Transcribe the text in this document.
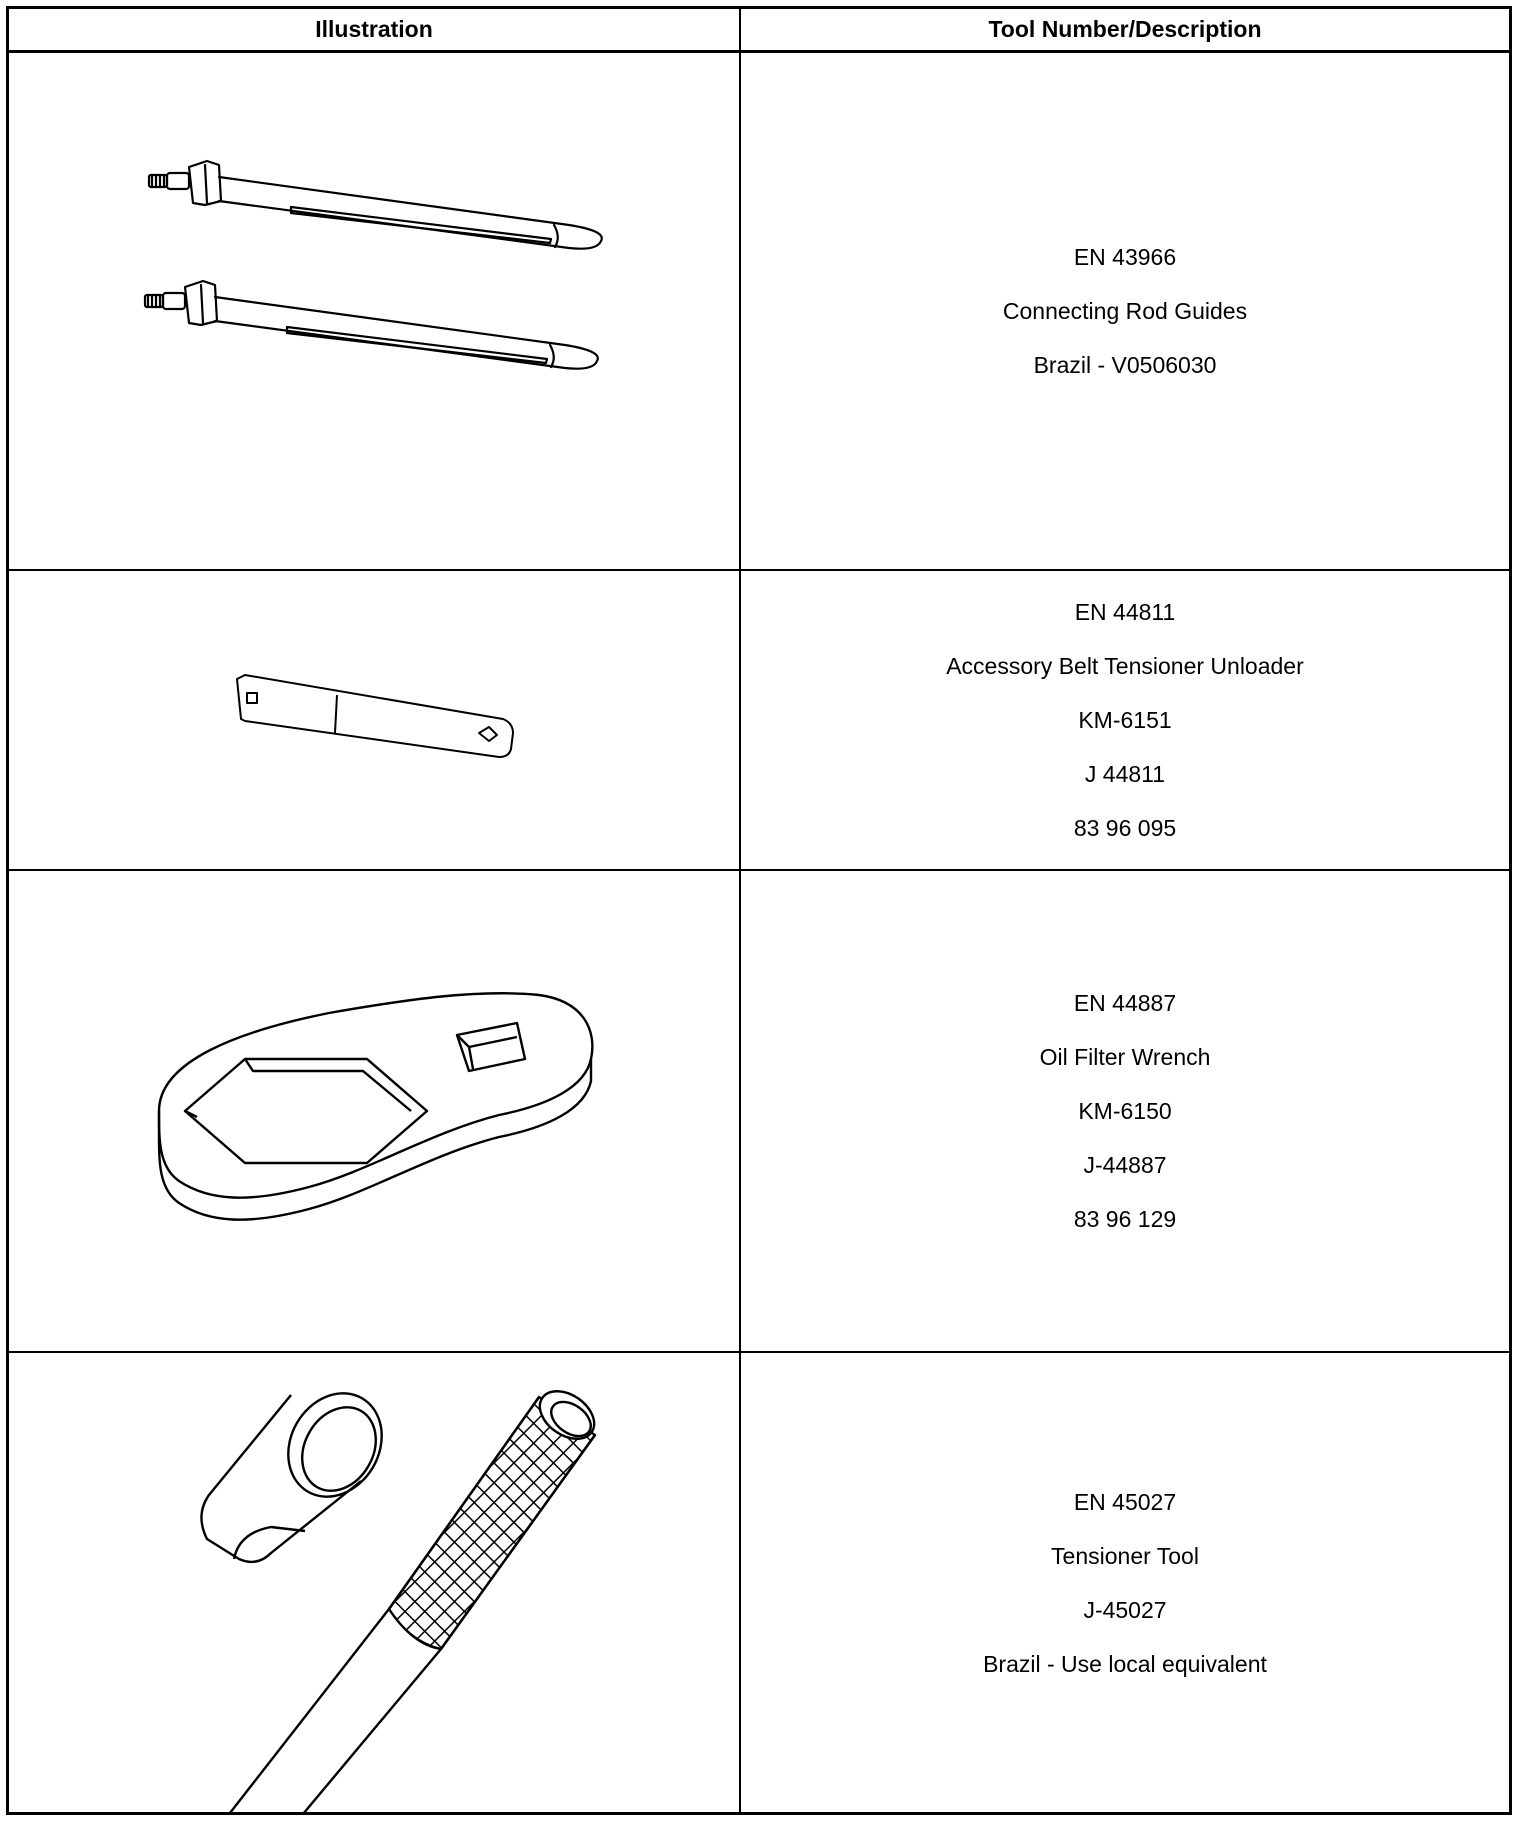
Illustration	Tool Number/Description
EN 43966
Connecting Rod Guides
Brazil - V0506030
EN 44811
Accessory Belt Tensioner Unloader
KM-6151
J 44811
83 96 095
EN 44887
Oil Filter Wrench
KM-6150
J-44887
83 96 129
EN 45027
Tensioner Tool
J-45027
Brazil - Use local equivalent
